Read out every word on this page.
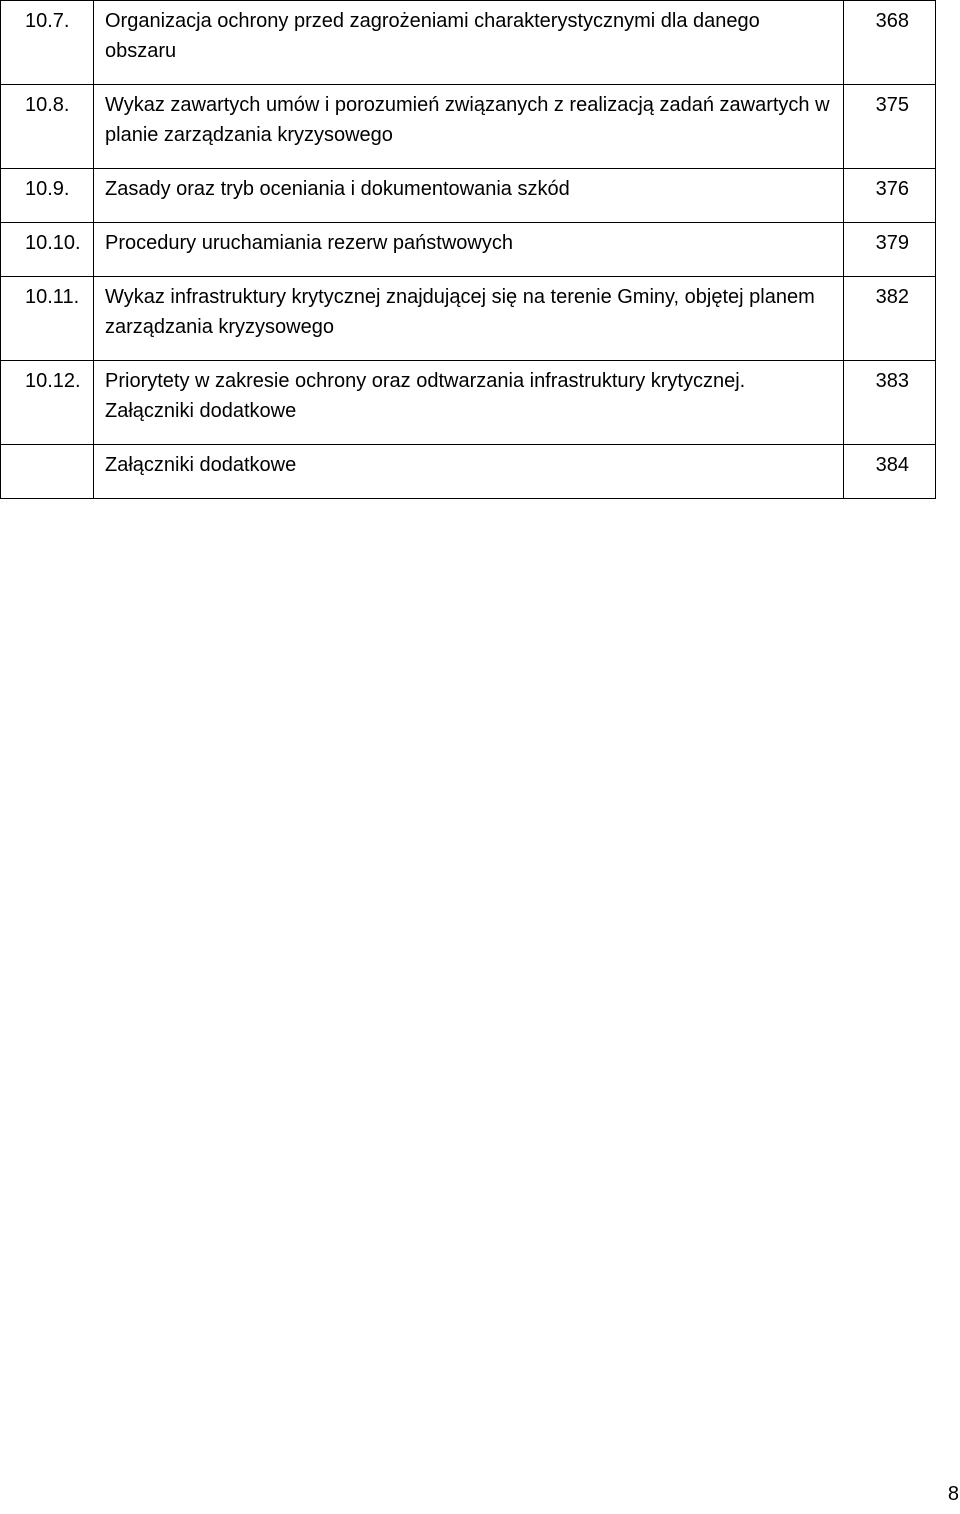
10.7.	Organizacja ochrony przed zagrożeniami charakterystycznymi dla danego obszaru	368
10.8.	Wykaz zawartych umów i porozumień związanych z realizacją zadań zawartych w planie zarządzania kryzysowego	375
10.9.	Zasady oraz tryb oceniania i dokumentowania szkód	376
10.10.	Procedury uruchamiania rezerw państwowych	379
10.11.	Wykaz infrastruktury krytycznej znajdującej się na terenie Gminy, objętej planem zarządzania kryzysowego	382
10.12.	Priorytety w zakresie ochrony oraz odtwarzania infrastruktury krytycznej. Załączniki dodatkowe	383
	Załączniki dodatkowe	384
8
